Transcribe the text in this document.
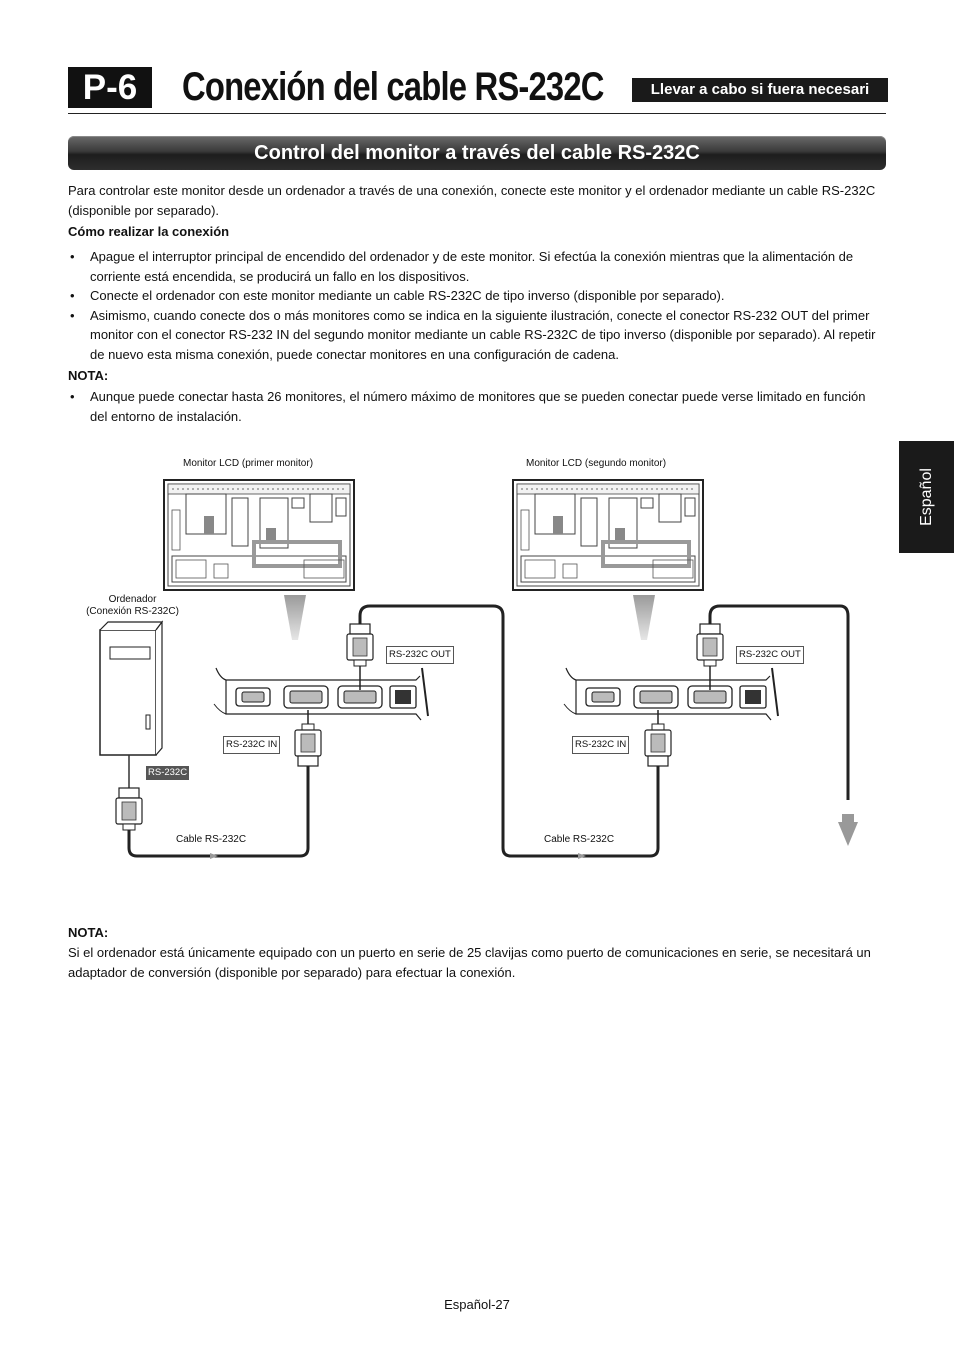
P-6	Conexión del cable RS-232C	Llevar a cabo si fuera necesari
Control del monitor a través del cable RS-232C
Para controlar este monitor desde un ordenador a través de una conexión, conecte este monitor y el ordenador mediante un cable RS-232C (disponible por separado).
Cómo realizar la conexión
• Apague el interruptor principal de encendido del ordenador y de este monitor. Si efectúa la conexión mientras que la alimentación de corriente está encendida, se producirá un fallo en los dispositivos.
• Conecte el ordenador con este monitor mediante un cable RS-232C de tipo inverso (disponible por separado).
• Asimismo, cuando conecte dos o más monitores como se indica en la siguiente ilustración, conecte el conector RS-232 OUT del primer monitor con el conector RS-232 IN del segundo monitor mediante un cable RS-232C de tipo inverso (disponible por separado). Al repetir de nuevo esta misma conexión, puede conectar monitores en una configuración de cadena.
NOTA:
• Aunque puede conectar hasta 26 monitores, el número máximo de monitores que se pueden conectar puede verse limitado en función del entorno de instalación.
Español
Monitor LCD (primer monitor)	Monitor LCD (segundo monitor)
Ordenador
(Conexión RS-232C)
RS-232C
RS-232C OUT
RS-232C IN
RS-232C OUT
RS-232C IN
Cable RS-232C	Cable RS-232C
NOTA:
Si el ordenador está únicamente equipado con un puerto en serie de 25 clavijas como puerto de comunicaciones en serie, se necesitará un adaptador de conversión (disponible por separado) para efectuar la conexión.
Español-27
